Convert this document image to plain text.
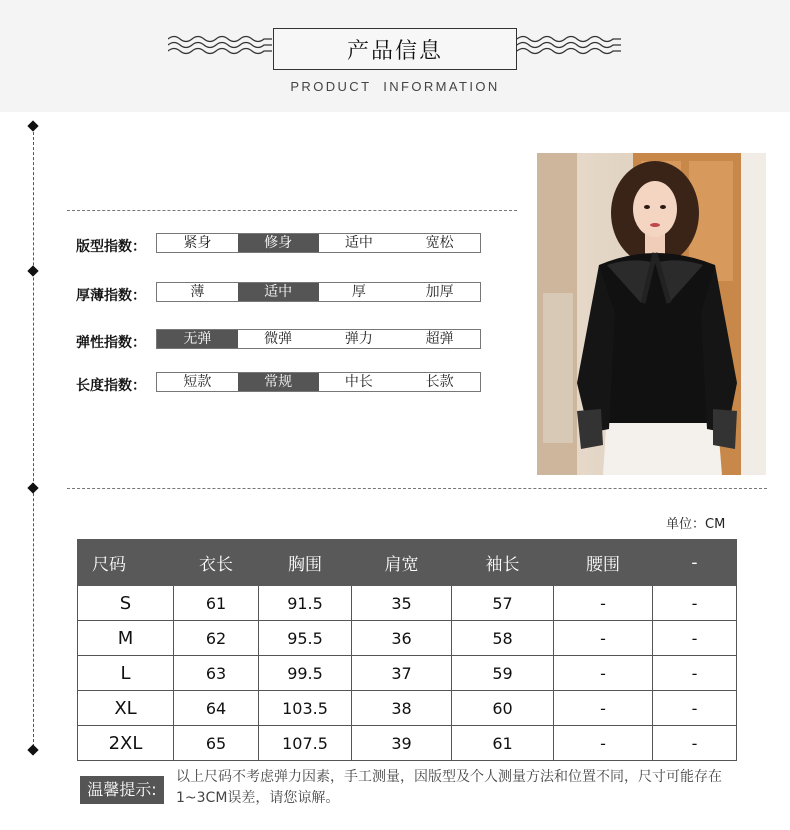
产品信息
PRODUCT  INFORMATION
版型指数：	紧身	修身	适中	宽松
厚薄指数：	薄	适中	厚	加厚
弹性指数：	无弹	微弹	弹力	超弹
长度指数：	短款	常规	中长	长款
单位：CM
尺码	衣长	胸围	肩宽	袖长	腰围	-
S	61	91.5	35	57	-	-
M	62	95.5	36	58	-	-
L	63	99.5	37	59	-	-
XL	64	103.5	38	60	-	-
2XL	65	107.5	39	61	-	-
温馨提示:
以上尺码不考虑弹力因素，手工测量，因版型及个人测量方法和位置不同，尺寸可能存在1~3CM误差，请您谅解。
